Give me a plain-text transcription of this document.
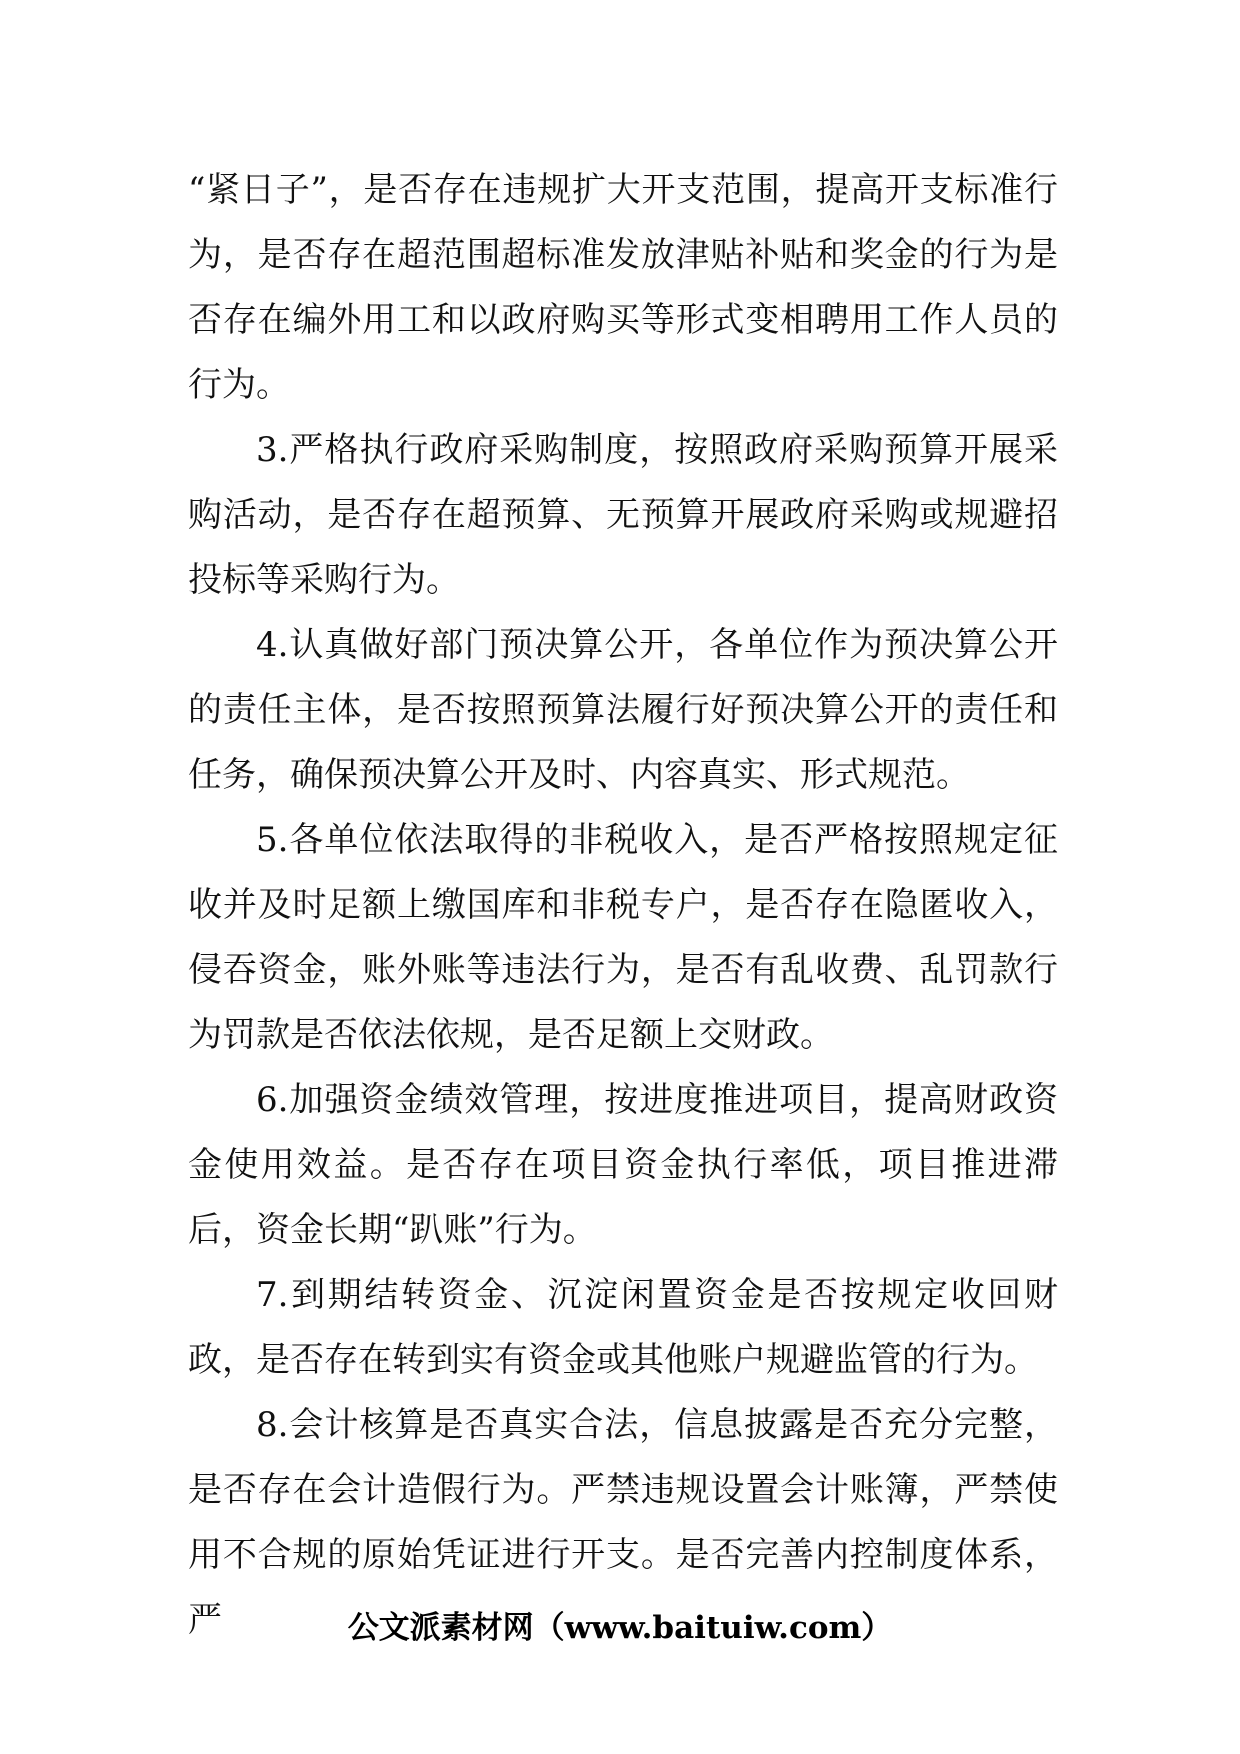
“紧日子”，是否存在违规扩大开支范围，提高开支标准行为，是否存在超范围超标准发放津贴补贴和奖金的行为是否存在编外用工和以政府购买等形式变相聘用工作人员的行为。

3.严格执行政府采购制度，按照政府采购预算开展采购活动，是否存在超预算、无预算开展政府采购或规避招投标等采购行为。

4.认真做好部门预决算公开，各单位作为预决算公开的责任主体，是否按照预算法履行好预决算公开的责任和任务，确保预决算公开及时、内容真实、形式规范。

5.各单位依法取得的非税收入，是否严格按照规定征收并及时足额上缴国库和非税专户，是否存在隐匿收入，侵吞资金，账外账等违法行为，是否有乱收费、乱罚款行为罚款是否依法依规，是否足额上交财政。

6.加强资金绩效管理，按进度推进项目，提高财政资金使用效益。是否存在项目资金执行率低，项目推进滞后，资金长期“趴账”行为。

7.到期结转资金、沉淀闲置资金是否按规定收回财政，是否存在转到实有资金或其他账户规避监管的行为。

8.会计核算是否真实合法，信息披露是否充分完整，是否存在会计造假行为。严禁违规设置会计账簿，严禁使用不合规的原始凭证进行开支。是否完善内控制度体系，严	公文派素材网（www.baituiw.com）
